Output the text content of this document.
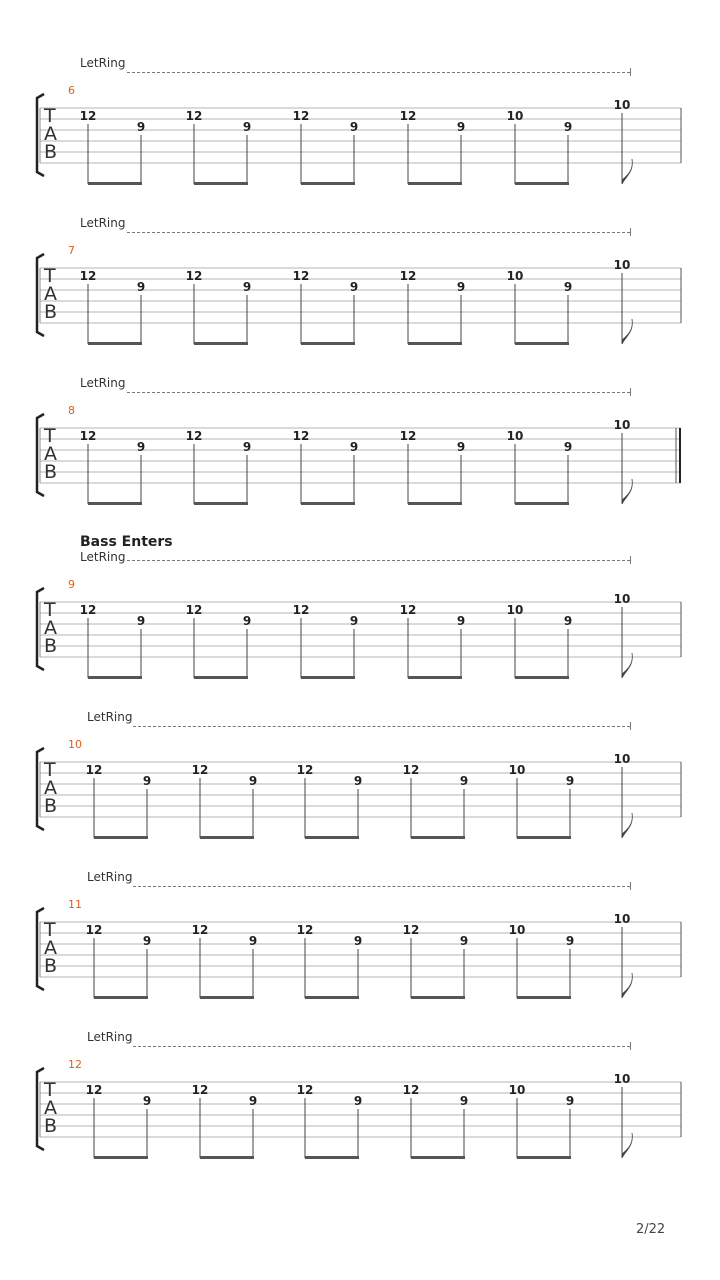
LetRing
6
T
A
B
12
9
12
9
12
9
12
9
10
9
10
LetRing
7
T
A
B
12
9
12
9
12
9
12
9
10
9
10
LetRing
8
T
A
B
12
9
12
9
12
9
12
9
10
9
10
Bass Enters
LetRing
9
T
A
B
12
9
12
9
12
9
12
9
10
9
10
LetRing
10
T
A
B
12
9
12
9
12
9
12
9
10
9
10
LetRing
11
T
A
B
12
9
12
9
12
9
12
9
10
9
10
LetRing
12
T
A
B
12
9
12
9
12
9
12
9
10
9
10
2/22
